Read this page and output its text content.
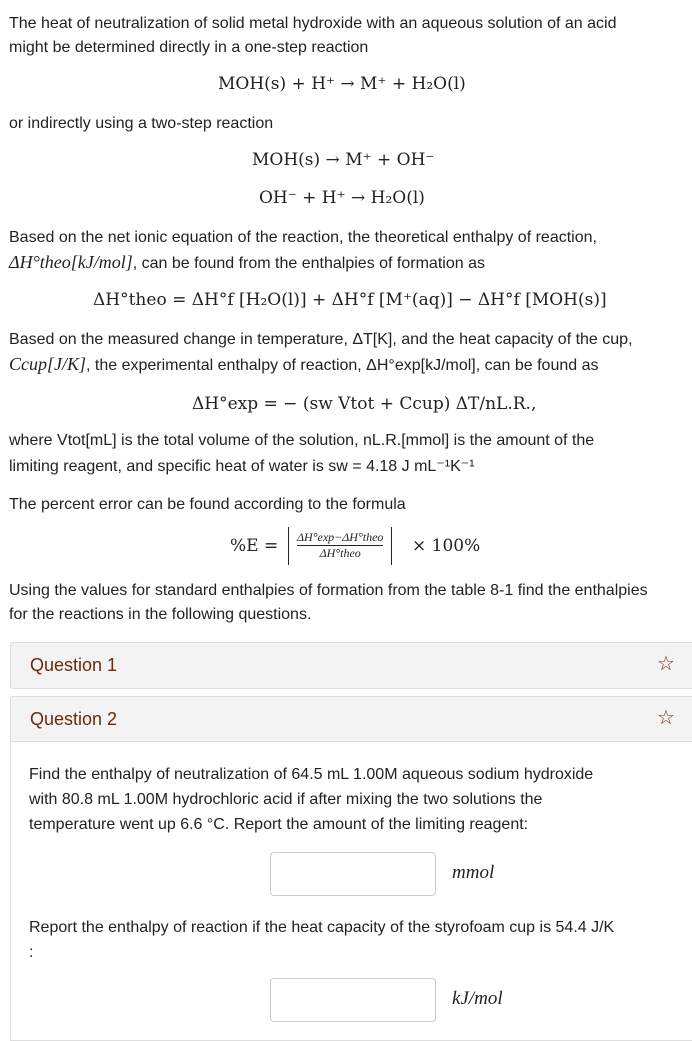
The heat of neutralization of solid metal hydroxide with an aqueous solution of an acid
might be determined directly in a one-step reaction
MOH(s) + H⁺ → M⁺ + H₂O(l)
or indirectly using a two-step reaction
MOH(s) → M⁺ + OH⁻
OH⁻ + H⁺ → H₂O(l)
Based on the net ionic equation of the reaction, the theoretical enthalpy of reaction,
ΔH°theo[kJ/mol], can be found from the enthalpies of formation as
ΔH°theo = ΔH°f [H₂O(l)] + ΔH°f [M⁺(aq)] − ΔH°f [MOH(s)]
Based on the measured change in temperature, ΔT[K], and the heat capacity of the cup,
Ccup[J/K], the experimental enthalpy of reaction, ΔH°exp[kJ/mol], can be found as
ΔH°exp = − (sw Vtot + Ccup) ΔT/nL.R.,
where Vtot[mL] is the total volume of the solution, nL.R.[mmol] is the amount of the
limiting reagent, and specific heat of water is sw = 4.18 J mL⁻¹K⁻¹
The percent error can be found according to the formula
%E = ΔH°exp−ΔH°theo
ΔH°theo	× 100%
Using the values for standard enthalpies of formation from the table 8-1 find the enthalpies
for the reactions in the following questions.
Question 1	☆
Question 2	☆
Find the enthalpy of neutralization of 64.5 mL 1.00M aqueous sodium hydroxide
with 80.8 mL 1.00M hydrochloric acid if after mixing the two solutions the
temperature went up 6.6 °C. Report the amount of the limiting reagent:
mmol
Report the enthalpy of reaction if the heat capacity of the styrofoam cup is 54.4 J/K
:
kJ/mol
